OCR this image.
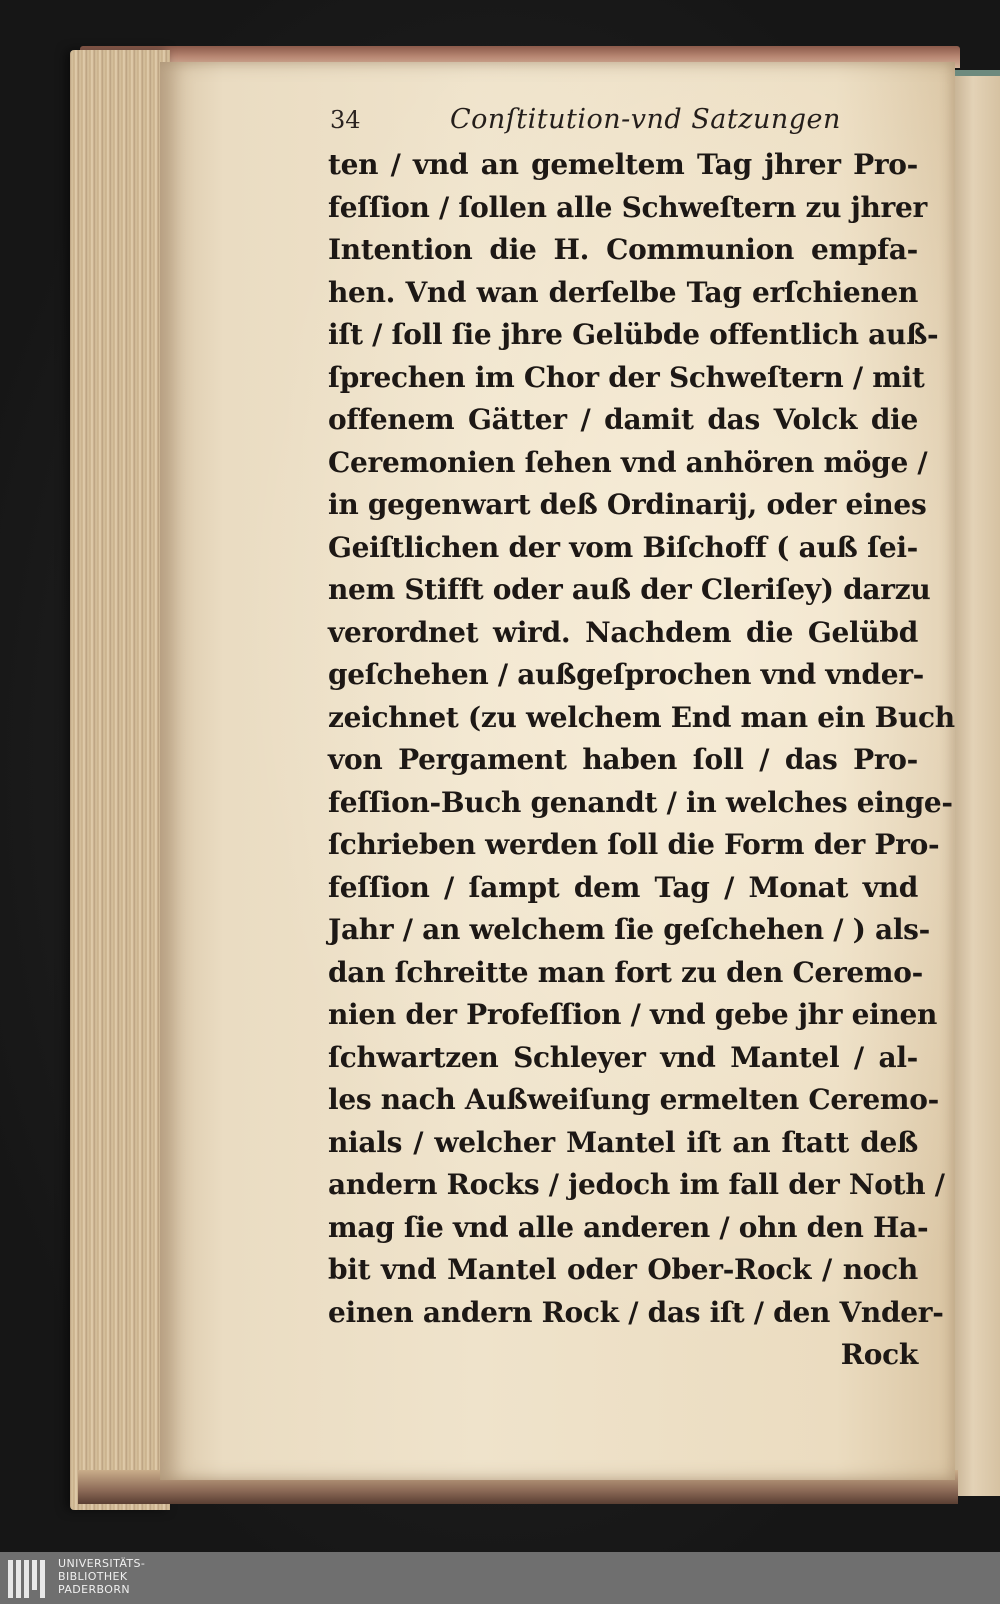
34	Conſtitution-vnd Satzungen
ten / vnd an gemeltem Tag jhrer Pro-
feſſion / ſollen alle Schweſtern zu jhrer
Intention die H. Communion empfa-
hen. Vnd wan derſelbe Tag erſchienen
iſt / ſoll ſie jhre Gelübde offentlich auß-
ſprechen im Chor der Schweſtern / mit
offenem Gätter / damit das Volck die
Ceremonien ſehen vnd anhören möge /
in gegenwart deß Ordinarij, oder eines
Geiſtlichen der vom Biſchoff ( auß ſei-
nem Stifft oder auß der Cleriſey) darzu
verordnet wird. Nachdem die Gelübd
geſchehen / außgeſprochen vnd vnder-
zeichnet (zu welchem End man ein Buch
von Pergament haben ſoll / das Pro-
feſſion-Buch genandt / in welches einge-
ſchrieben werden ſoll die Form der Pro-
feſſion / ſampt dem Tag / Monat vnd
Jahr / an welchem ſie geſchehen / ) als-
dan ſchreitte man fort zu den Ceremo-
nien der Profeſſion / vnd gebe jhr einen
ſchwartzen Schleyer vnd Mantel / al-
les nach Außweiſung ermelten Ceremo-
nials / welcher Mantel iſt an ſtatt deß
andern Rocks / jedoch im fall der Noth /
mag ſie vnd alle anderen / ohn den Ha-
bit vnd Mantel oder Ober-Rock / noch
einen andern Rock / das iſt / den Vnder-
Rock
UNIVERSITÄTS-
BIBLIOTHEK
PADERBORN
